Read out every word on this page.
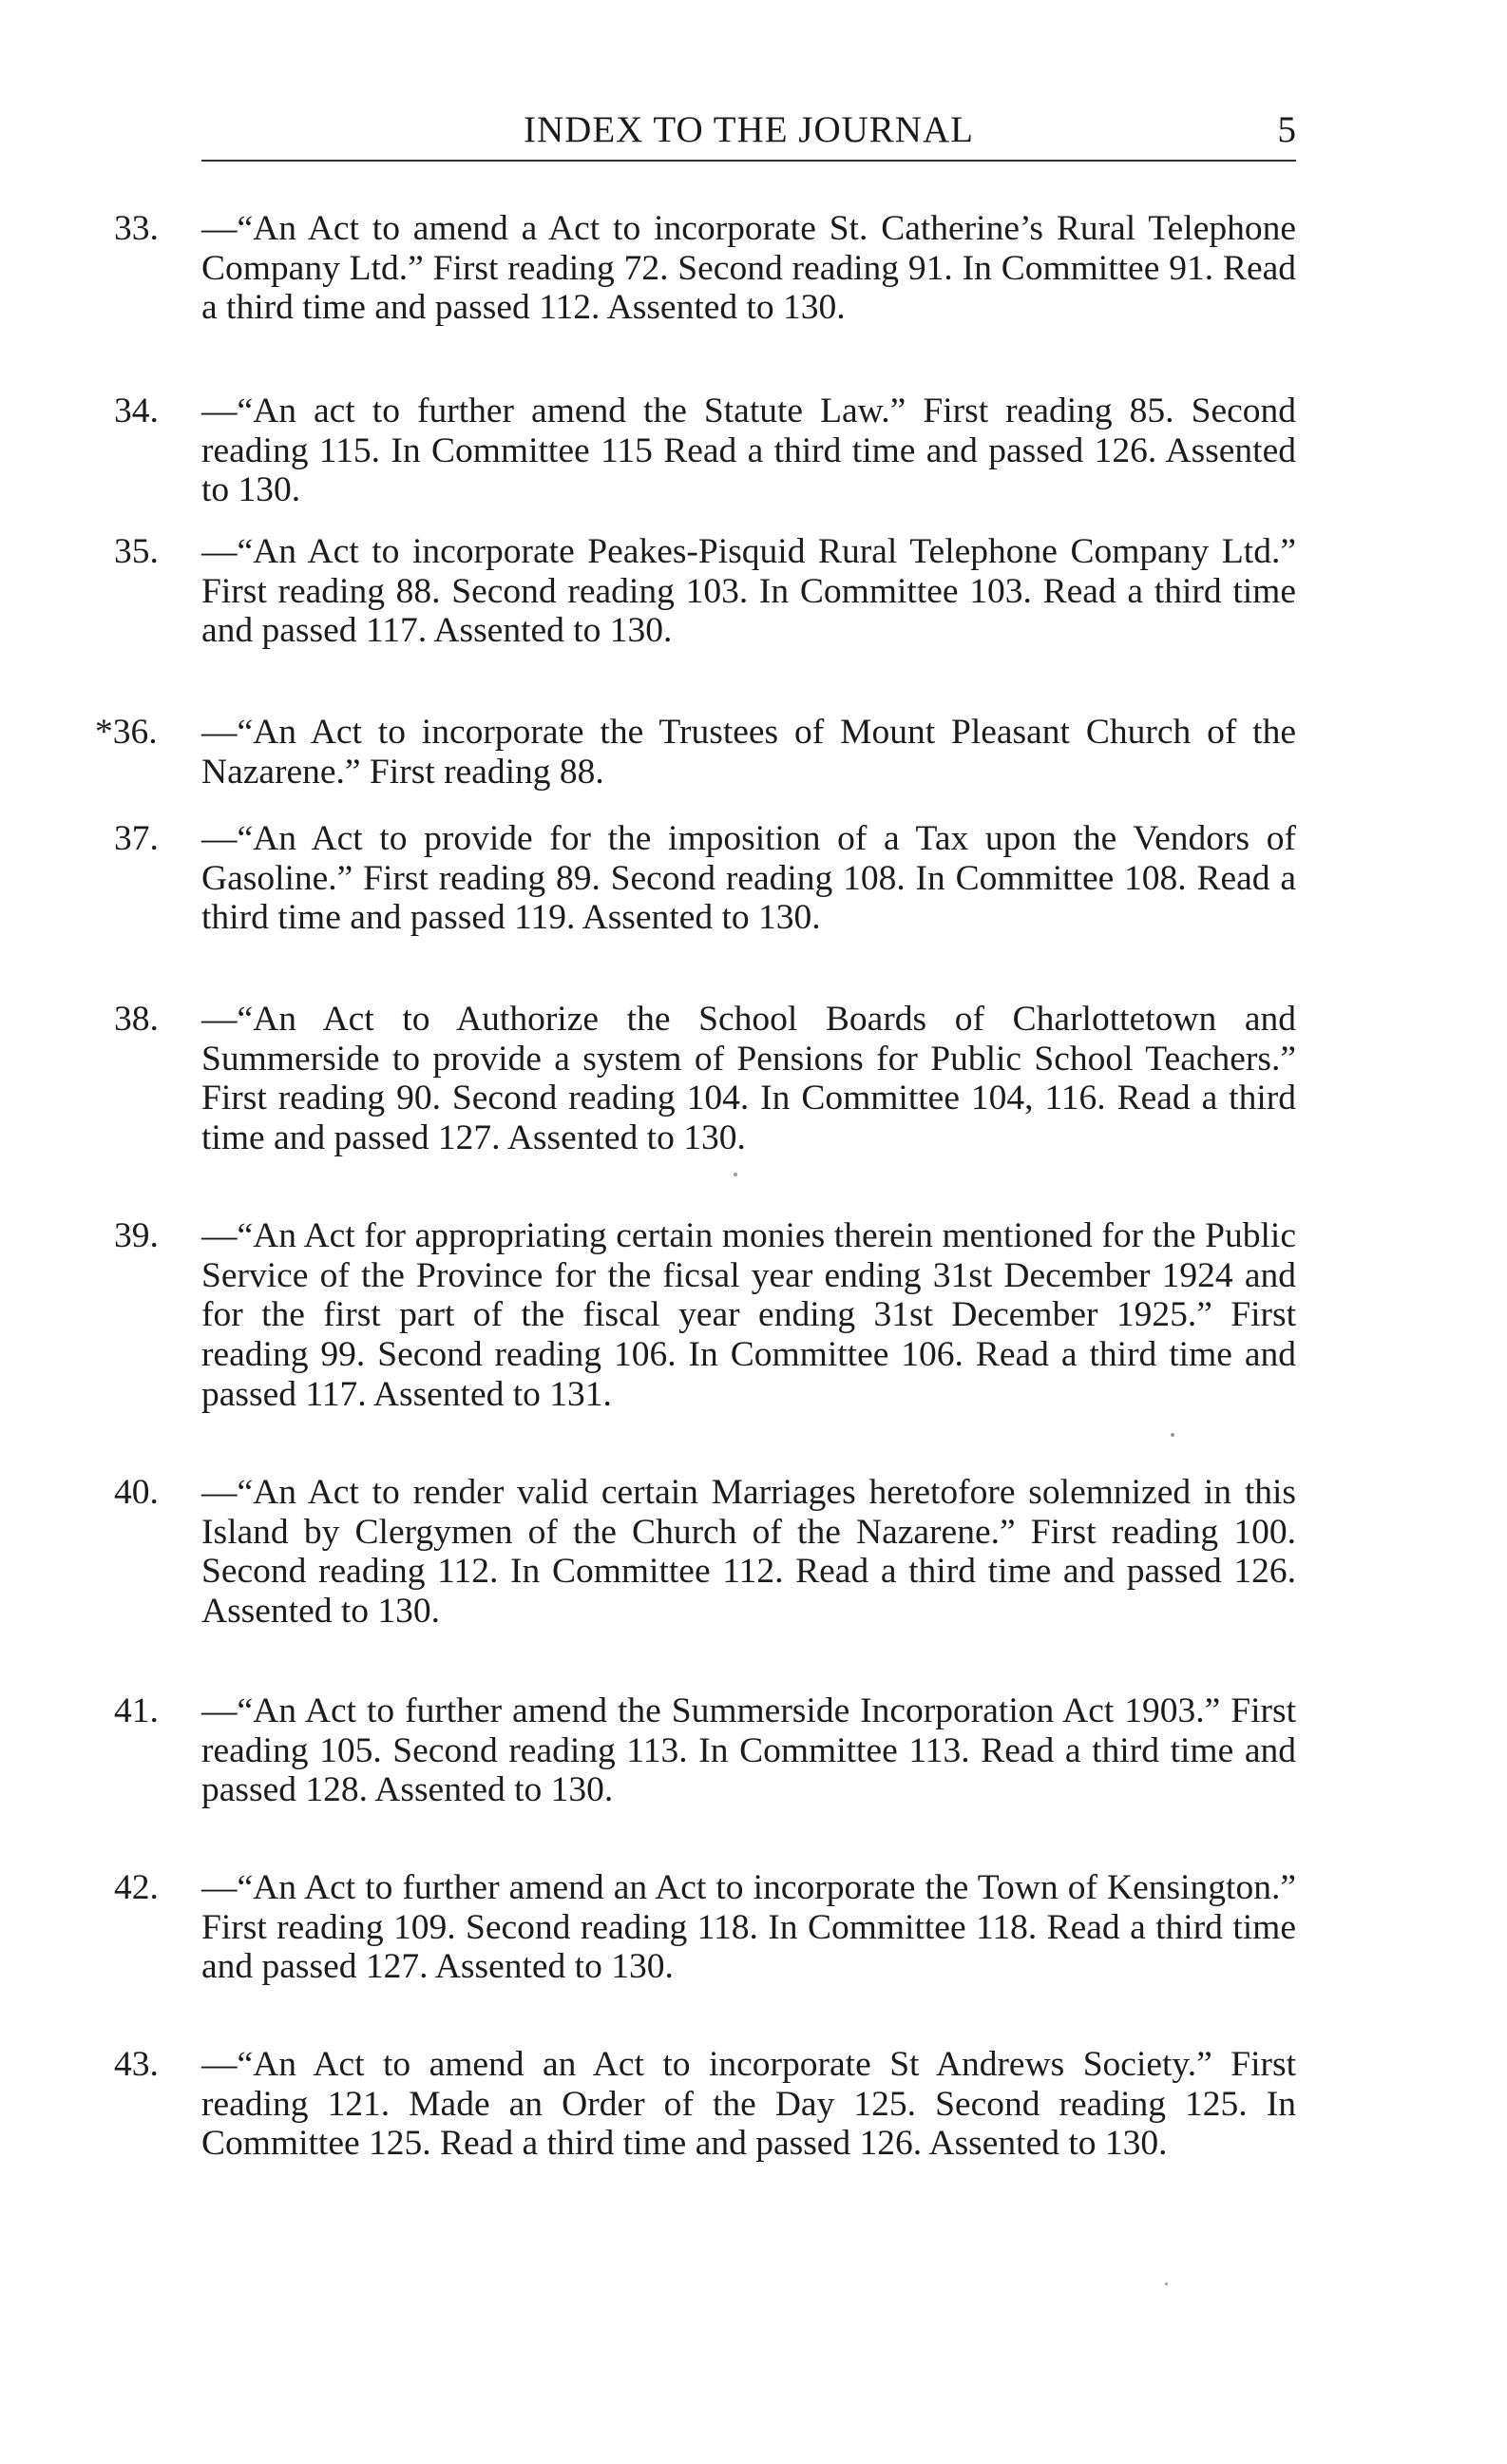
INDEX TO THE JOURNAL	5
33.	—“An Act to amend a Act to incorporate St. Catherine’s Rural Telephone Company Ltd.” First reading 72. Second reading 91. In Committee 91. Read a third time and passed 112. Assented to 130.

34.	—“An act to further amend the Statute Law.” First reading 85. Second reading 115. In Committee 115 Read a third time and passed 126. Assented to 130.

35.	—“An Act to incorporate Peakes-Pisquid Rural Telephone Company Ltd.” First reading 88. Second reading 103. In Committee 103. Read a third time and passed 117. Assented to 130.

*36.	—“An Act to incorporate the Trustees of Mount Pleasant Church of the Nazarene.” First reading 88.

37.	—“An Act to provide for the imposition of a Tax upon the Vendors of Gasoline.” First reading 89. Second reading 108. In Committee 108. Read a third time and passed 119. Assented to 130.

38.	—“An Act to Authorize the School Boards of Charlottetown and Summerside to provide a system of Pensions for Public School Teachers.” First reading 90. Second reading 104. In Committee 104, 116. Read a third time and passed 127. Assented to 130.

39.	—“An Act for appropriating certain monies therein mentioned for the Public Service of the Province for the ficsal year ending 31st December 1924 and for the first part of the fiscal year ending 31st December 1925.” First reading 99. Second reading 106. In Committee 106. Read a third time and passed 117. Assented to 131.

40.	—“An Act to render valid certain Marriages heretofore solemnized in this Island by Clergymen of the Church of the Nazarene.” First reading 100. Second reading 112. In Committee 112. Read a third time and passed 126. Assented to 130.

41.	—“An Act to further amend the Summerside Incorporation Act 1903.” First reading 105. Second reading 113. In Committee 113. Read a third time and passed 128. Assented to 130.

42.	—“An Act to further amend an Act to incorporate the Town of Kensington.” First reading 109. Second reading 118. In Committee 118. Read a third time and passed 127. Assented to 130.

43.	—“An Act to amend an Act to incorporate St Andrews Society.” First reading 121. Made an Order of the Day 125. Second reading 125. In Committee 125. Read a third time and passed 126. Assented to 130.
